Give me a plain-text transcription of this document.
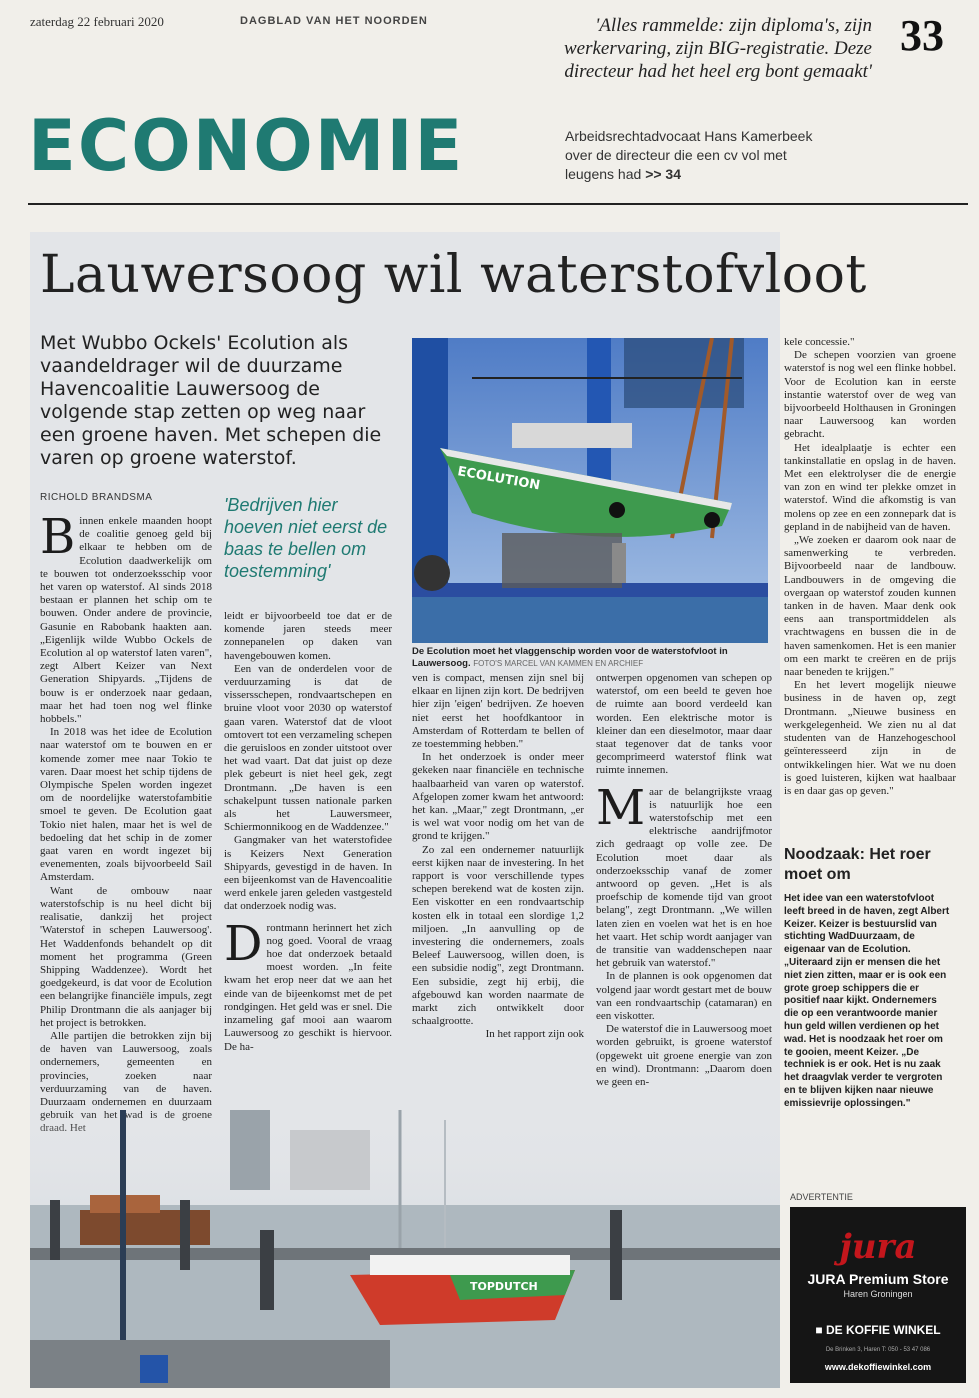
zaterdag 22 februari 2020	DAGBLAD VAN HET NOORDEN	'Alles rammelde: zijn diploma's, zijn werkervaring, zijn BIG-registratie. Deze directeur had het heel erg bont gemaakt'
33
ECONOMIE	Arbeidsrechtadvocaat Hans Kamerbeek over de directeur die een cv vol met leugens had >> 34
Lauwersoog wil waterstofvloot
Met Wubbo Ockels' Ecolution als vaandeldrager wil de duurzame Havencoalitie Lauwersoog de volgende stap zetten op weg naar een groene haven. Met schepen die varen op groene waterstof.
RICHOLD BRANDSMA	'Bedrijven hier hoeven niet eerst de baas te bellen om toestemming'

Binnen enkele maanden hoopt de coalitie genoeg geld bij elkaar te hebben om de Ecolution daadwerkelijk om te bouwen tot onderzoeksschip voor het varen op waterstof. Al sinds 2018 bestaan er plannen het schip om te bouwen. Onder andere de provincie, Gasunie en Rabobank haakten aan. „Eigenlijk wilde Wubbo Ockels de Ecolution al op waterstof laten varen", zegt Albert Keizer van Next Generation Shipyards. „Tijdens de bouw is er onderzoek naar gedaan, maar het had toen nog wel flinke hobbels."

In 2018 was het idee de Ecolution naar waterstof om te bouwen en er komende zomer mee naar Tokio te varen. Daar moest het schip tijdens de Olympische Spelen worden ingezet om de noordelijke waterstofambitie smoel te geven. De Ecolution gaat Tokio niet halen, maar het is wel de bedoeling dat het schip in de zomer gaat varen en wordt ingezet bij evenementen, zoals bijvoorbeeld Sail Amsterdam.

Want de ombouw naar waterstofschip is nu heel dicht bij realisatie, dankzij het project 'Waterstof in schepen Lauwersoog'. Het Waddenfonds behandelt op dit moment het programma (Green Shipping Waddenzee). Wordt het goedgekeurd, is dat voor de Ecolution een belangrijke financiële impuls, zegt Philip Drontmann die als aanjager bij het project is betrokken.

Alle partijen die betrokken zijn bij de haven van Lauwersoog, zoals ondernemers, gemeenten en provincies, zoeken naar verduurzaming van de haven. Duurzaam ondernemen en duurzaam

leidt er bijvoorbeeld toe dat er de komende jaren steeds meer zonnepanelen op daken van havengebouwen komen.

Een van de onderdelen voor de verduurzaming is dat de vissersschepen, rondvaartschepen en bruine vloot voor 2030 op waterstof gaan varen. Waterstof dat de vloot omtovert tot een verzameling schepen die geruisloos en zonder uitstoot over het wad vaart. Dat dat juist op deze plek gebeurt is niet heel gek, zegt Drontmann. „De haven is een schakelpunt tussen nationale parken als het Lauwersmeer, Schiermonnikoog en de Waddenzee."

Gangmaker van het waterstofidee is Keizers Next Generation Shipyards, gevestigd in de haven. In een bijeenkomst van de Havencoalitie werd enkele jaren geleden vastgesteld dat onderzoek nodig was.

Drontmann herinnert het zich nog goed. Vooral de vraag hoe dat onderzoek betaald moest worden. „In feite kwam het erop neer dat we aan het einde van de bijeenkomst met de pet rondgingen. Het geld was er snel. Die inzameling gaf mooi aan waarom Lauwersoog zo geschikt is hiervoor. De ha-

ven is compact, mensen zijn snel bij elkaar en lijnen zijn kort. De bedrijven hier zijn 'eigen' bedrijven. Ze hoeven niet eerst het hoofdkantoor in Amsterdam of Rotterdam te bellen of ze toestemming hebben."

In het onderzoek is onder meer gekeken naar financiële en technische haalbaarheid van varen op waterstof. Afgelopen zomer kwam het antwoord: het kan. „Maar," zegt Drontmann, „er is wel wat voor nodig om het van de grond te krijgen."

Zo zal een ondernemer natuurlijk eerst kijken naar de investering. In het rapport is voor verschillende types schepen berekend wat de kosten zijn. Een viskotter en een rondvaartschip kosten elk in totaal een slordige 1,2 miljoen. „In aanvulling op de investering die ondernemers, zoals Beleef Lauwersoog, willen doen, is een subsidie nodig", zegt Drontmann. Een subsidie, zegt hij erbij, die afgebouwd kan worden naarmate de markt zich ontwikkelt door schaalgrootte.

In het rapport zijn ook

ontwerpen opgenomen van schepen op waterstof, om een beeld te geven hoe de ruimte aan boord verdeeld kan worden. Een elektrische motor is kleiner dan een dieselmotor, maar daar staat tegenover dat de tanks voor gecomprimeerd waterstof flink wat ruimte innemen.

Maar de belangrijkste vraag is natuurlijk hoe een waterstofschip met een elektrische aandrijfmotor zich gedraagt op volle zee. De Ecolution moet daar als onderzoeksschip vanaf de zomer antwoord op geven. „Het is als proefschip de komende tijd van groot belang", zegt Drontmann. „We willen laten zien en voelen wat het is en hoe het vaart. Het schip wordt aanjager van de transitie van waddenschepen naar het gebruik van waterstof."

In de plannen is ook opgenomen dat volgend jaar wordt gestart met de bouw van een rondvaartschip (catamaran) en een viskotter.

De waterstof die in Lauwersoog moet worden gebruikt, is groene waterstof (opgewekt uit groene energie van zon en wind). Drontmann: „Daarom doen we geen en-

kele concessie."

De schepen voorzien van groene waterstof is nog wel een flinke hobbel. Voor de Ecolution kan in eerste instantie waterstof over de weg van bijvoorbeeld Holthausen in Groningen naar Lauwersoog kan worden gebracht.

Het idealplaatje is echter een tankinstallatie en opslag in de haven. Met een elektrolyser die de energie van zon en wind ter plekke omzet in waterstof. Wind die afkomstig is van molens op zee en een zonnepark dat is gepland in de nabijheid van de haven.

„We zoeken er daarom ook naar de samenwerking te verbreden. Bijvoorbeeld naar de landbouw. Landbouwers in de omgeving die overgaan op waterstof zouden kunnen tanken in de haven. Maar denk ook eens aan transportmiddelen als vrachtwagens en bussen die in de haven samenkomen. Het is een manier om een markt te creëren en de prijs naar beneden te krijgen."

En het levert mogelijk nieuwe business in de haven op, zegt Drontmann. „Nieuwe business en werkgelegenheid. We zien nu al dat studenten van de Hanzehogeschool geïnteresseerd zijn in de ontwikkelingen hier. Wat we nu doen is goed luisteren, kijken wat haalbaar is en daar gas op geven."

ECOLUTION
De Ecolution moet het vlaggenschip worden voor de waterstofvloot in Lauwersoog. FOTO'S MARCEL VAN KAMMEN EN ARCHIEF
Noodzaak: Het roer moet om
Het idee van een waterstofvloot leeft breed in de haven, zegt Albert Keizer. Keizer is bestuurslid van stichting WadDuurzaam, de eigenaar van de Ecolution. „Uiteraard zijn er mensen die het niet zien zitten, maar er is ook een grote groep schippers die er positief naar kijkt. Ondernemers die op een verantwoorde manier hun geld willen verdienen op het wad. Het is noodzaak het roer om te gooien, meent Keizer. „De techniek is er ook. Het is nu zaak het draagvlak verder te vergroten en te blijven kijken naar nieuwe emissievrije oplossingen."
TOPDUTCH
ADVERTENTIE
jura
JURA Premium Store
Haren Groningen
■ DE KOFFIE WINKEL
De Brinken 3, Haren T: 050 - 53 47 086
www.dekoffiewinkel.com
